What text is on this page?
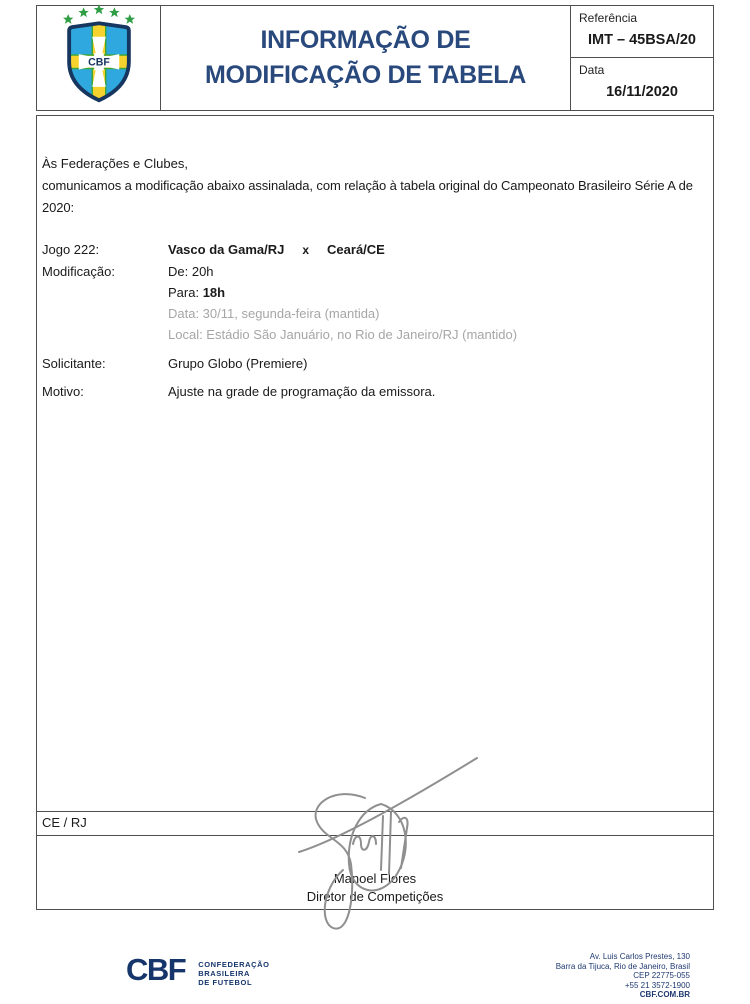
CBF
INFORMAÇÃO DE
MODIFICAÇÃO DE TABELA
Referência
IMT – 45BSA/20
Data
16/11/2020
Às Federações e Clubes,
comunicamos a modificação abaixo assinalada, com relação à tabela original do Campeonato Brasileiro Série A de 2020:
Jogo 222:	Vasco da Gama/RJ x Ceará/CE
Modificação:	De: 20h
Para: 18h
Data: 30/11, segunda-feira (mantida)
Local: Estádio São Januário, no Rio de Janeiro/RJ (mantido)
Solicitante:	Grupo Globo (Premiere)
Motivo:	Ajuste na grade de programação da emissora.
CE / RJ
Manoel Flores
Diretor de Competições
CBF CONFEDERAÇÃO
BRASILEIRA
DE FUTEBOL
Av. Luis Carlos Prestes, 130
Barra da Tijuca, Rio de Janeiro, Brasil
CEP 22775-055
+55 21 3572-1900
CBF.COM.BR
